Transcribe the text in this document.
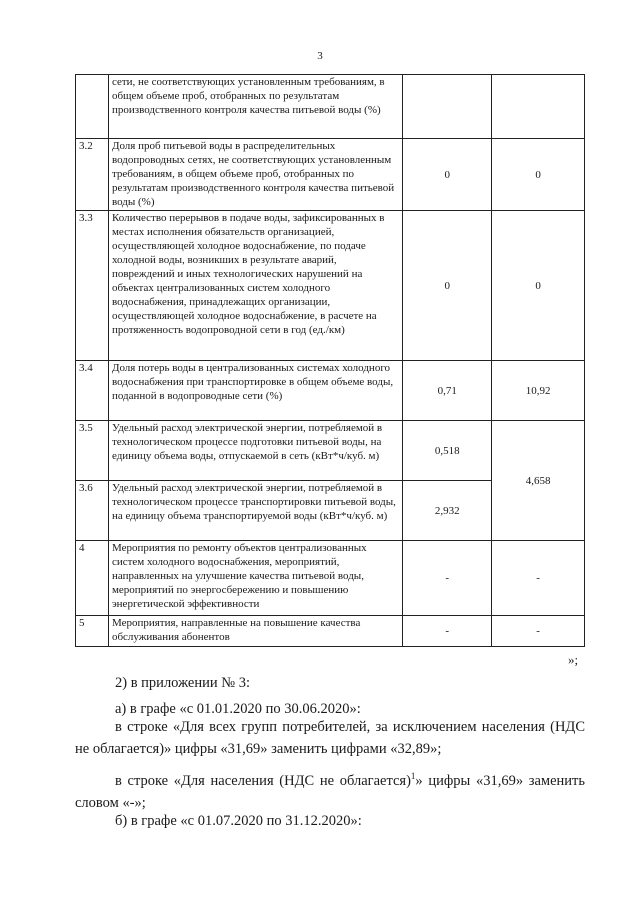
3
	сети, не соответствующих установленным требованиям, в общем объеме проб, отобранных по результатам производственного контроля качества питьевой воды (%)		
3.2	Доля проб питьевой воды в распределительных водопроводных сетях, не соответствующих установленным требованиям, в общем объеме проб, отобранных по результатам производственного контроля качества питьевой воды (%)	0	0
3.3	Количество перерывов в подаче воды, зафиксированных в местах исполнения обязательств организацией, осуществляющей холодное водоснабжение, по подаче холодной воды, возникших в результате аварий, повреждений и иных технологических нарушений на объектах централизованных систем холодного водоснабжения, принадлежащих организации, осуществляющей холодное водоснабжение, в расчете на протяженность водопроводной сети в год (ед./км)	0	0
3.4	Доля потерь воды в централизованных системах холодного водоснабжения при транспортировке в общем объеме воды, поданной в водопроводные сети (%)	0,71	10,92
3.5	Удельный расход электрической энергии, потребляемой в технологическом процессе подготовки питьевой воды, на единицу объема воды, отпускаемой в сеть (кВт*ч/куб. м)	0,518	4,658
3.6	Удельный расход электрической энергии, потребляемой в технологическом процессе транспортировки питьевой воды, на единицу объема транспортируемой воды (кВт*ч/куб. м)	2,932	
4	Мероприятия по ремонту объектов централизованных систем холодного водоснабжения, мероприятий, направленных на улучшение качества питьевой воды, мероприятий по энергосбережению и повышению энергетической эффективности	-	-
5	Мероприятия, направленные на повышение качества обслуживания абонентов	-	-
»;
2) в приложении № 3:
а) в графе «с 01.01.2020 по 30.06.2020»:
в строке «Для всех групп потребителей, за исключением населения (НДС не облагается)» цифры «31,69» заменить цифрами «32,89»;
в строке «Для населения (НДС не облагается)$^1$» цифры «31,69» заменить словом «-»;
б) в графе «с 01.07.2020 по 31.12.2020»:
